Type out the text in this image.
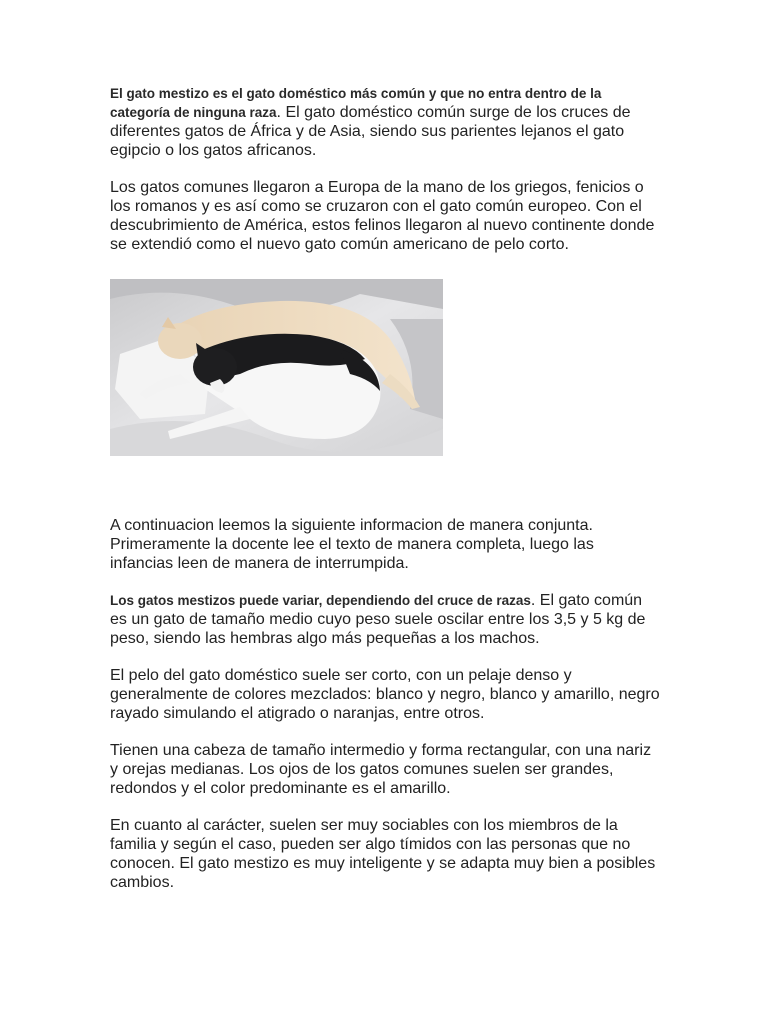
El gato mestizo es el gato doméstico más común y que no entra dentro de la categoría de ninguna raza. El gato doméstico común surge de los cruces de diferentes gatos de África y de Asia, siendo sus parientes lejanos el gato egipcio o los gatos africanos.

Los gatos comunes llegaron a Europa de la mano de los griegos, fenicios o los romanos y es así como se cruzaron con el gato común europeo. Con el descubrimiento de América, estos felinos llegaron al nuevo continente donde se extendió como el nuevo gato común americano de pelo corto.

A continuacion leemos la siguiente informacion de manera conjunta. Primeramente la docente lee el texto de manera completa, luego las infancias leen de manera de interrumpida.

Los gatos mestizos puede variar, dependiendo del cruce de razas. El gato común es un gato de tamaño medio cuyo peso suele oscilar entre los 3,5 y 5 kg de peso, siendo las hembras algo más pequeñas a los machos.

El pelo del gato doméstico suele ser corto, con un pelaje denso y generalmente de colores mezclados: blanco y negro, blanco y amarillo, negro rayado simulando el atigrado o naranjas, entre otros.

Tienen una cabeza de tamaño intermedio y forma rectangular, con una nariz y orejas medianas. Los ojos de los gatos comunes suelen ser grandes, redondos y el color predominante es el amarillo.

En cuanto al carácter, suelen ser muy sociables con los miembros de la familia y según el caso, pueden ser algo tímidos con las personas que no conocen. El gato mestizo es muy inteligente y se adapta muy bien a posibles cambios.
